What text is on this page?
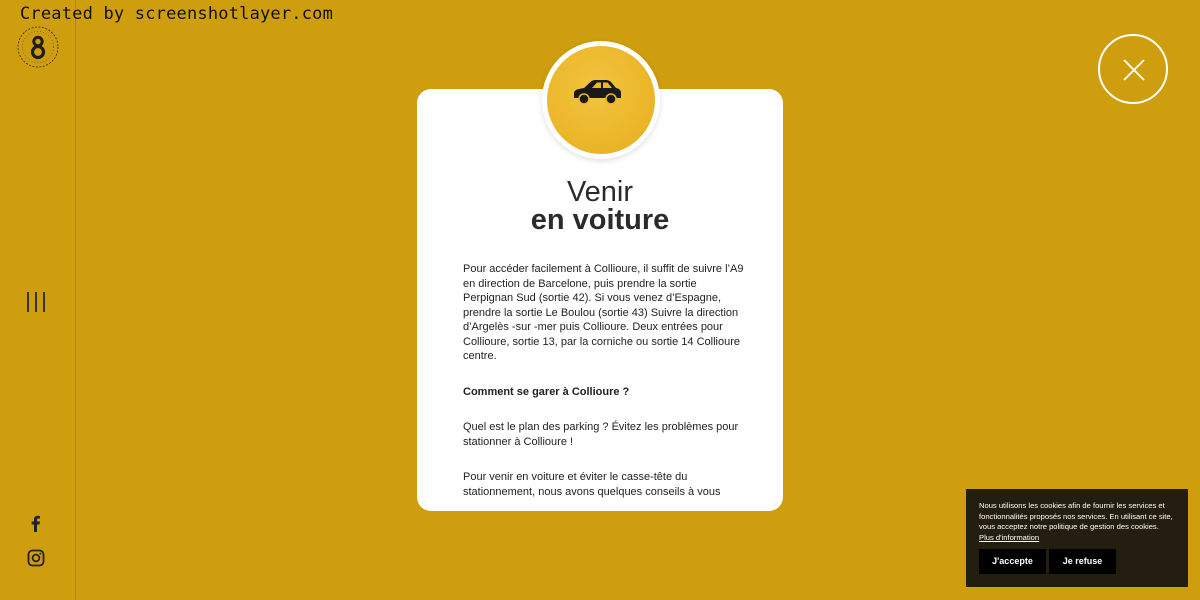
Created by screenshotlayer.com
Venir
en voiture

Pour accéder facilement à Collioure, il suffit de suivre l’A9 en direction de Barcelone, puis prendre la sortie Perpignan Sud (sortie 42). Si vous venez d’Espagne, prendre la sortie Le Boulou (sortie 43) Suivre la direction d’Argelès -sur -mer puis Collioure. Deux entrées pour Collioure, sortie 13, par la corniche ou sortie 14 Collioure centre.

Comment se garer à Collioure ?

Quel est le plan des parking ? Évitez les problèmes pour stationner à Collioure !

Pour venir en voiture et éviter le casse-tête du stationnement, nous avons quelques conseils à vous

Nous utilisons les cookies afin de fournir les services et fonctionnalités proposés nos services. En utilisant ce site, vous acceptez notre politique de gestion des cookies.
Plus d'information
J'accepte	Je refuse
